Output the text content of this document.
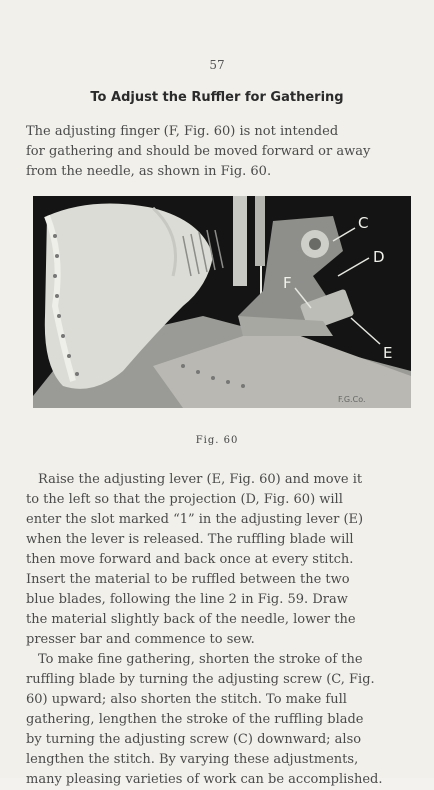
57
To Adjust the Ruffler for Gathering
The adjusting finger (F, Fig. 60) is not intended
for gathering and should be moved forward or away
from the needle, as shown in Fig. 60.
C
D
F
E
F.G.Co.
Fig. 60
Raise the adjusting lever (E, Fig. 60) and move it
to the left so that the projection (D, Fig. 60) will
enter the slot marked “1” in the adjusting lever (E)
when the lever is released. The ruffling blade will
then move forward and back once at every stitch.
Insert the material to be ruffled between the two
blue blades, following the line 2 in Fig. 59. Draw
the material slightly back of the needle, lower the
presser bar and commence to sew.
To make fine gathering, shorten the stroke of the
ruffling blade by turning the adjusting screw (C, Fig.
60) upward; also shorten the stitch. To make full
gathering, lengthen the stroke of the ruffling blade
by turning the adjusting screw (C) downward; also
lengthen the stitch. By varying these adjustments,
many pleasing varieties of work can be accomplished.
